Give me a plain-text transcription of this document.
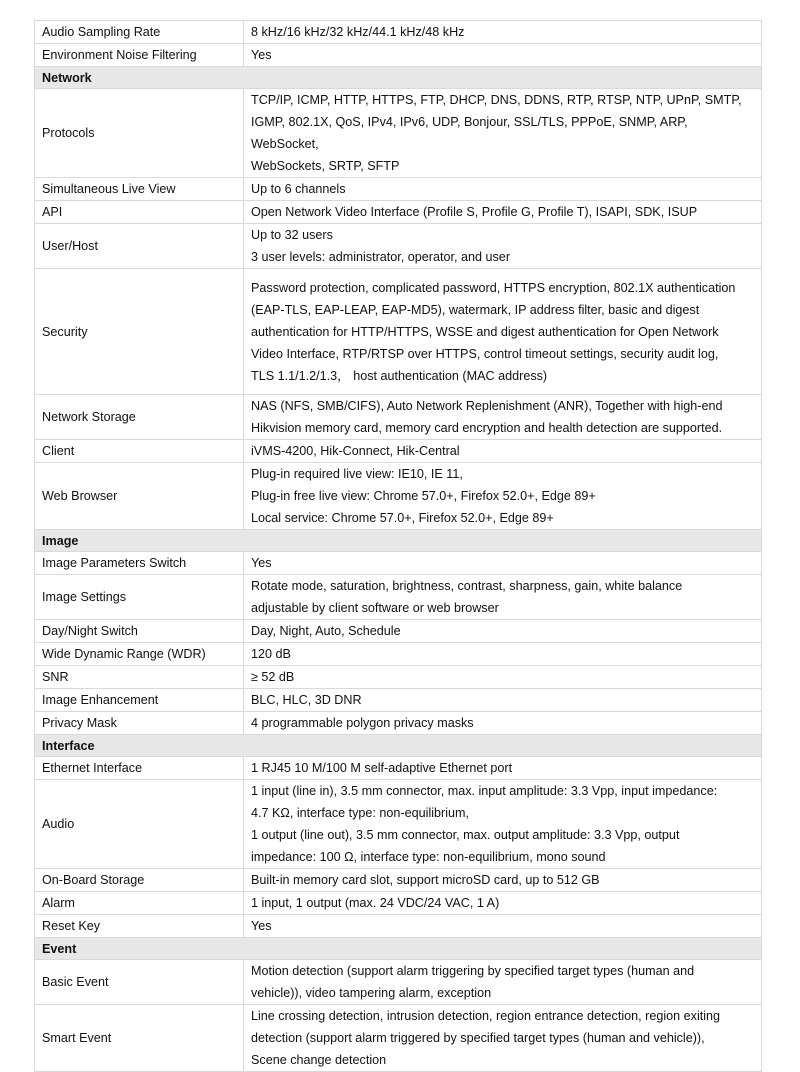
Audio Sampling Rate	8 kHz/16 kHz/32 kHz/44.1 kHz/48 kHz

Environment Noise Filtering	Yes

Network	
Protocols	TCP/IP, ICMP, HTTP, HTTPS, FTP, DHCP, DNS, DDNS, RTP, RTSP, NTP, UPnP, SMTP,
IGMP, 802.1X, QoS, IPv4, IPv6, UDP, Bonjour, SSL/TLS, PPPoE, SNMP, ARP, WebSocket,
WebSockets, SRTP, SFTP

Simultaneous Live View	Up to 6 channels

API	Open Network Video Interface (Profile S, Profile G, Profile T), ISAPI, SDK, ISUP

User/Host	Up to 32 users
3 user levels: administrator, operator, and user

Security	Password protection, complicated password, HTTPS encryption, 802.1X authentication
(EAP-TLS, EAP-LEAP, EAP-MD5), watermark, IP address filter, basic and digest
authentication for HTTP/HTTPS, WSSE and digest authentication for Open Network
Video Interface, RTP/RTSP over HTTPS, control timeout settings, security audit log,
TLS 1.1/1.2/1.3， host authentication (MAC address)

Network Storage	NAS (NFS, SMB/CIFS), Auto Network Replenishment (ANR), Together with high-end
Hikvision memory card, memory card encryption and health detection are supported.

Client	iVMS-4200, Hik-Connect, Hik-Central

Web Browser	Plug-in required live view: IE10, IE 11,
Plug-in free live view: Chrome 57.0+, Firefox 52.0+, Edge 89+
Local service: Chrome 57.0+, Firefox 52.0+, Edge 89+

Image	
Image Parameters Switch	Yes

Image Settings	Rotate mode, saturation, brightness, contrast, sharpness, gain, white balance
adjustable by client software or web browser

Day/Night Switch	Day, Night, Auto, Schedule

Wide Dynamic Range (WDR)	120 dB

SNR	≥ 52 dB

Image Enhancement	BLC, HLC, 3D DNR

Privacy Mask	4 programmable polygon privacy masks

Interface	
Ethernet Interface	1 RJ45 10 M/100 M self-adaptive Ethernet port

Audio	1 input (line in), 3.5 mm connector, max. input amplitude: 3.3 Vpp, input impedance:
4.7 KΩ, interface type: non-equilibrium,
1 output (line out), 3.5 mm connector, max. output amplitude: 3.3 Vpp, output
impedance: 100 Ω, interface type: non-equilibrium, mono sound

On-Board Storage	Built-in memory card slot, support microSD card, up to 512 GB

Alarm	1 input, 1 output (max. 24 VDC/24 VAC, 1 A)

Reset Key	Yes

Event	
Basic Event	Motion detection (support alarm triggering by specified target types (human and
vehicle)), video tampering alarm, exception

Smart Event	Line crossing detection, intrusion detection, region entrance detection, region exiting
detection (support alarm triggered by specified target types (human and vehicle)),
Scene change detection
